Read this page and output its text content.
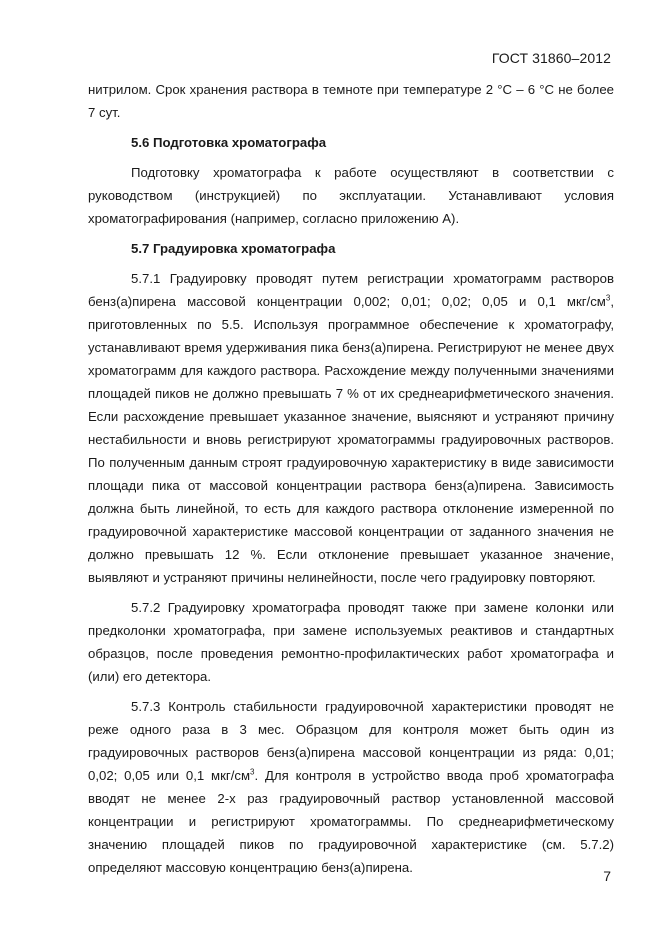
ГОСТ 31860–2012

нитрилом. Срок хранения раствора в темноте при температуре 2 °С – 6 °С не более 7 сут.

5.6 Подготовка хроматографа

Подготовку хроматографа к работе осуществляют в соответствии с руководством (инструкцией) по эксплуатации. Устанавливают условия хроматографирования (например, согласно приложению А).

5.7 Градуировка хроматографа

5.7.1 Градуировку проводят путем регистрации хроматограмм растворов бенз(а)пирена массовой концентрации 0,002; 0,01; 0,02; 0,05 и 0,1 мкг/$см^3$, приготовленных по 5.5. Используя программное обеспечение к хроматографу, устанавливают время удерживания пика бенз(а)пирена. Регистрируют не менее двух хроматограмм для каждого раствора. Расхождение между полученными значениями площадей пиков не должно превышать 7 % от их среднеарифметического значения. Если расхождение превышает указанное значение, выясняют и устраняют причину нестабильности и вновь регистрируют хроматограммы градуировочных растворов. По полученным данным строят градуировочную характеристику в виде зависимости площади пика от массовой концентрации раствора бенз(а)пирена. Зависимость должна быть линейной, то есть для каждого раствора отклонение измеренной по градуировочной характеристике массовой концентрации от заданного значения не должно превышать 12 %. Если отклонение превышает указанное значение, выявляют и устраняют причины нелинейности, после чего градуировку повторяют.

5.7.2 Градуировку хроматографа проводят также при замене колонки или предколонки хроматографа, при замене используемых реактивов и стандартных образцов, после проведения ремонтно-профилактических работ хроматографа и (или) его детектора.

5.7.3 Контроль стабильности градуировочной характеристики проводят не реже одного раза в 3 мес. Образцом для контроля может быть один из градуировочных растворов бенз(а)пирена массовой концентрации из ряда: 0,01; 0,02; 0,05 или 0,1 мкг/$см^3$. Для контроля в устройство ввода проб хроматографа вводят не менее 2-х раз градуировочный раствор установленной массовой концентрации и регистрируют хроматограммы. По среднеарифметическому значению площадей пиков по градуировочной характеристике (см. 5.7.2) определяют массовую концентрацию бенз(а)пирена.

7
